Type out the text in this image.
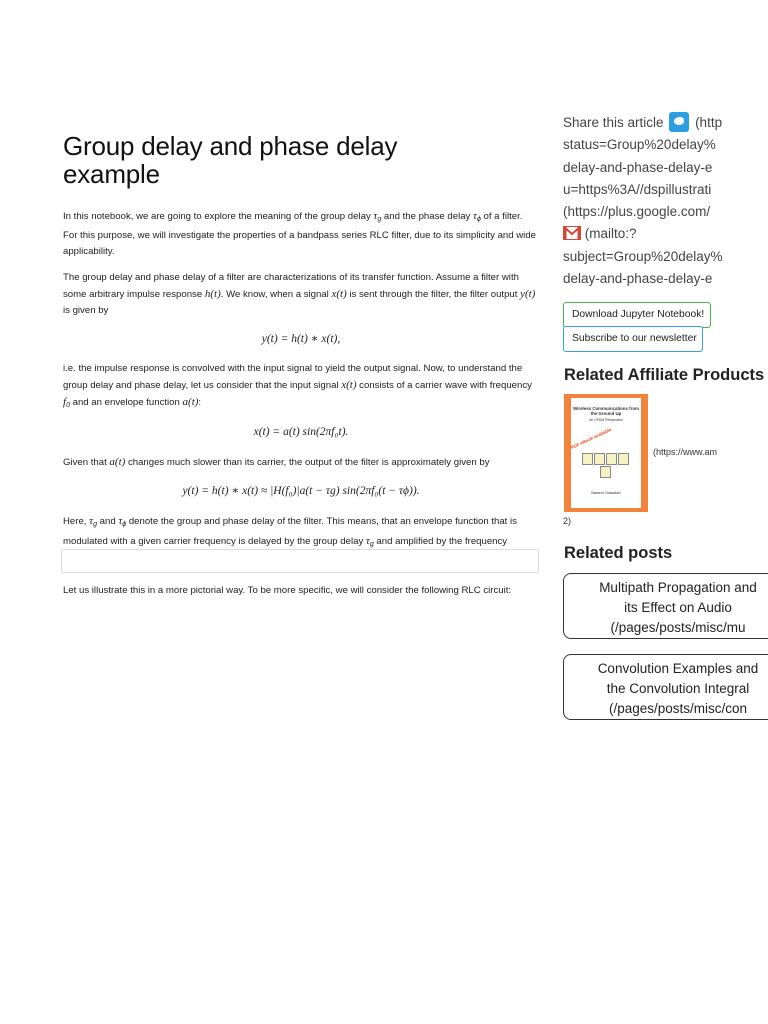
Group delay and phase delay
example

In this notebook, we are going to explore the meaning of the group delay $\tau_g$ and the phase delay $\tau_\phi$ of a filter. For this purpose, we will investigate the properties of a bandpass series RLC filter, due to its simplicity and wide applicability.

The group delay and phase delay of a filter are characterizations of its transfer function. Assume a filter with some arbitrary impulse response h(t). We know, when a signal x(t) is sent through the filter, the filter output y(t) is given by

y(t) = h(t) ∗ x(t),

i.e. the impulse response is convolved with the input signal to yield the output signal. Now, to understand the group delay and phase delay, let us consider that the input signal x(t) consists of a carrier wave with frequency $f_0$ and an envelope function a(t):

x(t) = a(t) sin(2πf₀t).

Given that a(t) changes much slower than its carrier, the output of the filter is approximately given by

y(t) = h(t) ∗ x(t) ≈ |H(f₀)|a(t − τg) sin(2πf₀(t − τϕ)).

Here, $\tau_g$ and $\tau_\phi$ denote the group and phase delay of the filter. This means, that an envelope function that is modulated with a given carrier frequency is delayed by the group delay $\tau_g$ and amplified by the frequency

Let us illustrate this in a more pictorial way. To be more specific, we will consider the following RLC circuit:

Share this article  (http
status=Group%20delay%
delay-and-phase-delay-e
u=https%3A//dspillustrati
(https://plus.google.com/
(mailto:?
subject=Group%20delay%
delay-and-phase-delay-e
Download Jupyter Notebook!
Subscribe to our newsletter
Related Affiliate Products
Wireless Communications from the Ground Up
An OFDM Perspective
PDF eBook available
Bassem Chawafani
(https://www.am
2)
Related posts
Multipath Propagation and
its Effect on Audio
(/pages/posts/misc/mu
Convolution Examples and
the Convolution Integral
(/pages/posts/misc/con
